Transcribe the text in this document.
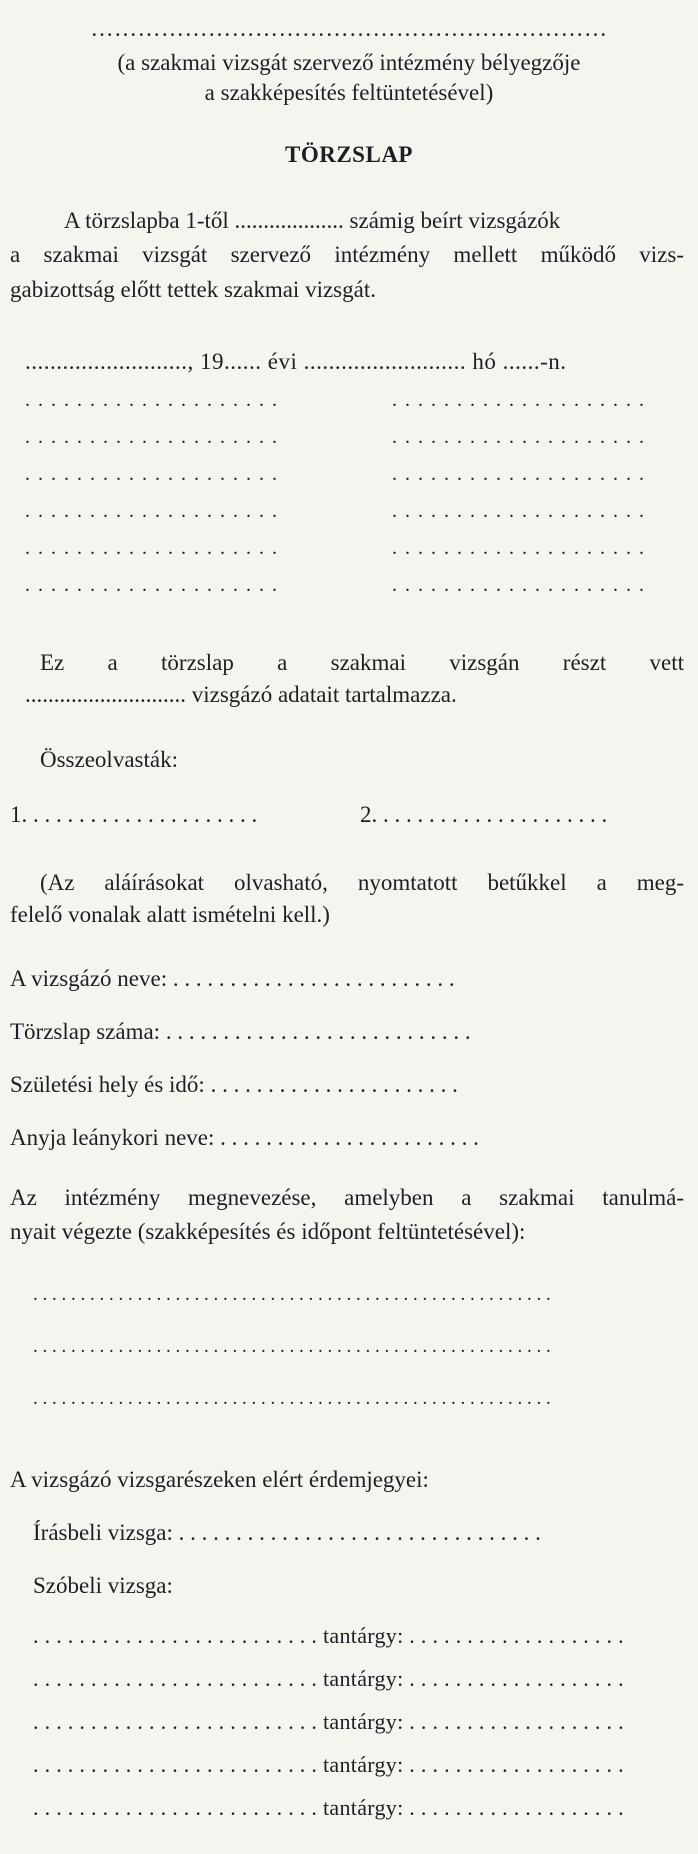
…………………………………………………………
(a szakmai vizsgát szervező intézmény bélyegzője
a szakképesítés feltüntetésével)
TÖRZSLAP
A törzslapba 1-től ................... számig beírt vizsgázók
a szakmai vizsgát szervező intézmény mellett működő vizs-
gabizottság előtt tettek szakmai vizsgát.
.........................., 19...... évi .......................... hó ......-n.
. . . . . . . . . . . . . . . . . . . .
. . . . . . . . . . . . . . . . . . . .
. . . . . . . . . . . . . . . . . . . .
. . . . . . . . . . . . . . . . . . . .
. . . . . . . . . . . . . . . . . . . .
. . . . . . . . . . . . . . . . . . . .
. . . . . . . . . . . . . . . . . . . .
. . . . . . . . . . . . . . . . . . . .
. . . . . . . . . . . . . . . . . . . .
. . . . . . . . . . . . . . . . . . . .
. . . . . . . . . . . . . . . . . . . .
. . . . . . . . . . . . . . . . . . . .
Ez a törzslap a szakmai vizsgán részt vett
............................ vizsgázó adatait tartalmazza.
Összeolvasták:
1. . . . . . . . . . . . . . . . . . . . .	2. . . . . . . . . . . . . . . . . . . . .
(Az aláírásokat olvasható, nyomtatott betűkkel a meg-
felelő vonalak alatt ismételni kell.)
A vizsgázó neve: . . . . . . . . . . . . . . . . . . . . . . . . .
Törzslap száma: . . . . . . . . . . . . . . . . . . . . . . . . . . .
Születési hely és idő: . . . . . . . . . . . . . . . . . . . . . .
Anyja leánykori neve: . . . . . . . . . . . . . . . . . . . . . . .
Az intézmény megnevezése, amelyben a szakmai tanulmá-
nyait végezte (szakképesítés és időpont feltüntetésével):
. . . . . . . . . . . . . . . . . . . . . . . . . . . . . . . . . . . . . . . . . . . . . . . . . . . . . . .
. . . . . . . . . . . . . . . . . . . . . . . . . . . . . . . . . . . . . . . . . . . . . . . . . . . . . . .
. . . . . . . . . . . . . . . . . . . . . . . . . . . . . . . . . . . . . . . . . . . . . . . . . . . . . . .
A vizsgázó vizsgarészeken elért érdemjegyei:
Írásbeli vizsga: . . . . . . . . . . . . . . . . . . . . . . . . . . . . . . . .
Szóbeli vizsga:
. . . . . . . . . . . . . . . . . . . . . . . . . tantárgy: . . . . . . . . . . . . . . . . . . .
. . . . . . . . . . . . . . . . . . . . . . . . . tantárgy: . . . . . . . . . . . . . . . . . . .
. . . . . . . . . . . . . . . . . . . . . . . . . tantárgy: . . . . . . . . . . . . . . . . . . .
. . . . . . . . . . . . . . . . . . . . . . . . . tantárgy: . . . . . . . . . . . . . . . . . . .
. . . . . . . . . . . . . . . . . . . . . . . . . tantárgy: . . . . . . . . . . . . . . . . . . .
